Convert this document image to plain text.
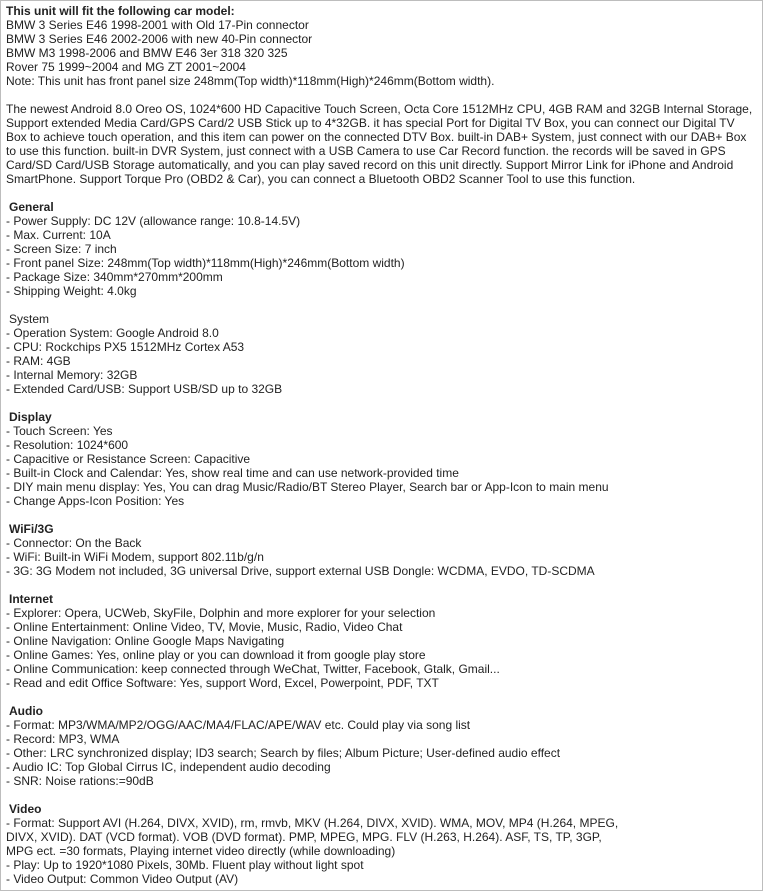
This unit will fit the following car model:
BMW 3 Series E46 1998-2001 with Old 17-Pin connector
BMW 3 Series E46 2002-2006 with new 40-Pin connector
BMW M3 1998-2006 and BMW E46 3er 318 320 325
Rover 75 1999~2004 and MG ZT 2001~2004
Note: This unit has front panel size 248mm(Top width)*118mm(High)*246mm(Bottom width).
The newest Android 8.0 Oreo OS, 1024*600 HD Capacitive Touch Screen, Octa Core 1512MHz CPU, 4GB RAM and 32GB Internal Storage,
Support extended Media Card/GPS Card/2 USB Stick up to 4*32GB. it has special Port for Digital TV Box, you can connect our Digital TV
Box to achieve touch operation, and this item can power on the connected DTV Box. built-in DAB+ System, just connect with our DAB+ Box
to use this function. built-in DVR System, just connect with a USB Camera to use Car Record function. the records will be saved in GPS
Card/SD Card/USB Storage automatically, and you can play saved record on this unit directly. Support Mirror Link for iPhone and Android
SmartPhone. Support Torque Pro (OBD2 & Car), you can connect a Bluetooth OBD2 Scanner Tool to use this function.
General
- Power Supply: DC 12V (allowance range: 10.8-14.5V)
- Max. Current: 10A
- Screen Size: 7 inch
- Front panel Size: 248mm(Top width)*118mm(High)*246mm(Bottom width)
- Package Size: 340mm*270mm*200mm
- Shipping Weight: 4.0kg
System
- Operation System: Google Android 8.0
- CPU: Rockchips PX5 1512MHz Cortex A53
- RAM: 4GB
- Internal Memory: 32GB
- Extended Card/USB: Support USB/SD up to 32GB
Display
- Touch Screen: Yes
- Resolution: 1024*600
- Capacitive or Resistance Screen: Capacitive
- Built-in Clock and Calendar: Yes, show real time and can use network-provided time
- DIY main menu display: Yes, You can drag Music/Radio/BT Stereo Player, Search bar or App-Icon to main menu
- Change Apps-Icon Position: Yes
WiFi/3G
- Connector: On the Back
- WiFi: Built-in WiFi Modem, support 802.11b/g/n
- 3G: 3G Modem not included, 3G universal Drive, support external USB Dongle: WCDMA, EVDO, TD-SCDMA
Internet
- Explorer: Opera, UCWeb, SkyFile, Dolphin and more explorer for your selection
- Online Entertainment: Online Video, TV, Movie, Music, Radio, Video Chat
- Online Navigation: Online Google Maps Navigating
- Online Games: Yes, online play or you can download it from google play store
- Online Communication: keep connected through WeChat, Twitter, Facebook, Gtalk, Gmail...
- Read and edit Office Software: Yes, support Word, Excel, Powerpoint, PDF, TXT
Audio
- Format: MP3/WMA/MP2/OGG/AAC/MA4/FLAC/APE/WAV etc. Could play via song list
- Record: MP3, WMA
- Other: LRC synchronized display; ID3 search; Search by files; Album Picture; User-defined audio effect
- Audio IC: Top Global Cirrus IC, independent audio decoding
- SNR: Noise rations:=90dB
Video
- Format: Support AVI (H.264, DIVX, XVID), rm, rmvb, MKV (H.264, DIVX, XVID). WMA, MOV, MP4 (H.264, MPEG,
DIVX, XVID). DAT (VCD format). VOB (DVD format). PMP, MPEG, MPG. FLV (H.263, H.264). ASF, TS, TP, 3GP,
MPG ect. =30 formats, Playing internet video directly (while downloading)
- Play: Up to 1920*1080 Pixels, 30Mb. Fluent play without light spot
- Video Output: Common Video Output (AV)
